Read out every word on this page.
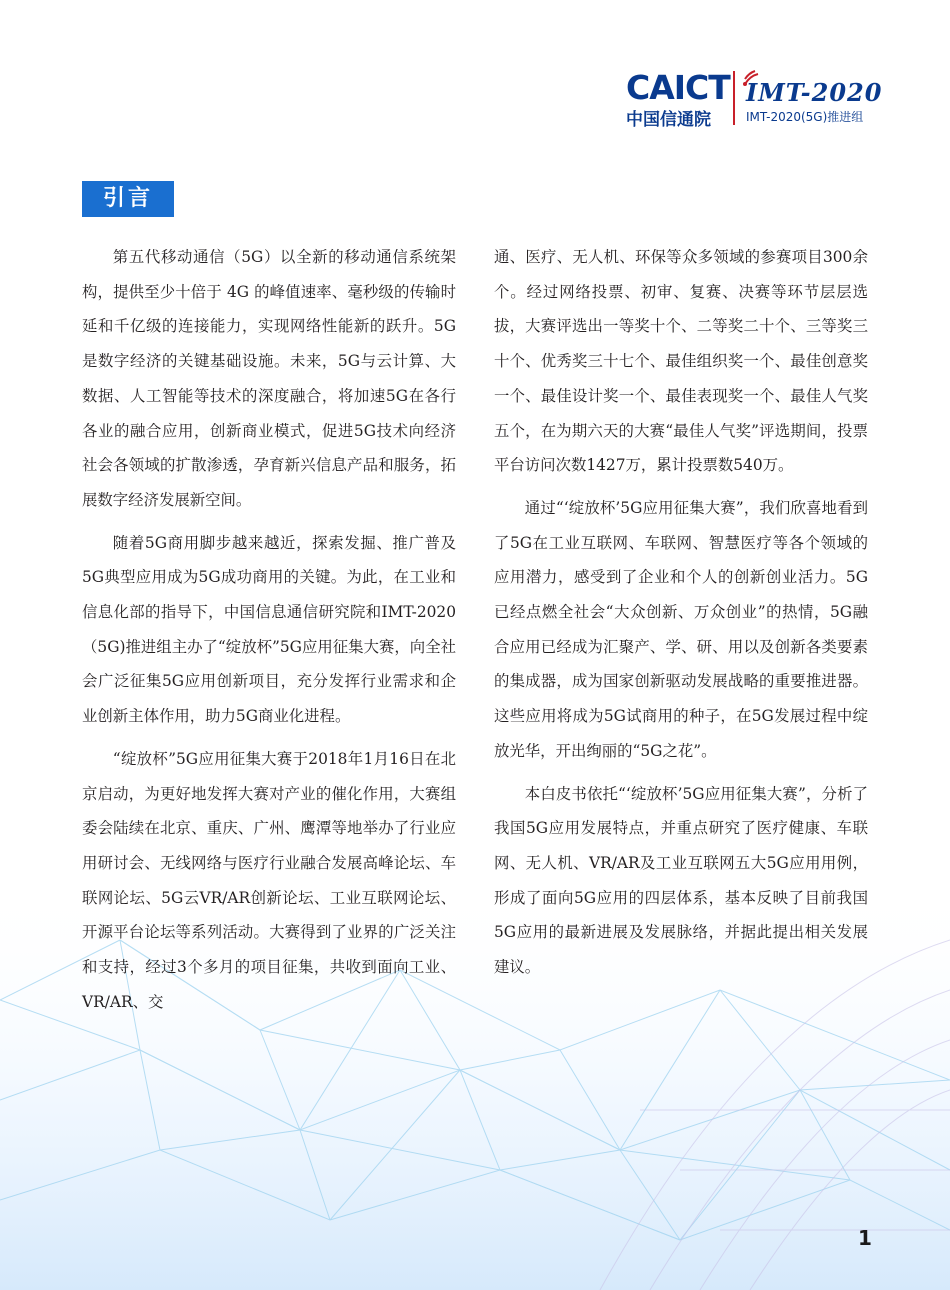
CAICT
中国信通院
IMT-2020
IMT-2020(5G)推进组
引言

第五代移动通信（5G）以全新的移动通信系统架构，提供至少十倍于 4G 的峰值速率、毫秒级的传输时延和千亿级的连接能力，实现网络性能新的跃升。5G是数字经济的关键基础设施。未来，5G与云计算、大数据、人工智能等技术的深度融合，将加速5G在各行各业的融合应用，创新商业模式，促进5G技术向经济社会各领域的扩散渗透，孕育新兴信息产品和服务，拓展数字经济发展新空间。

随着5G商用脚步越来越近，探索发掘、推广普及5G典型应用成为5G成功商用的关键。为此，在工业和信息化部的指导下，中国信息通信研究院和IMT-2020（5G)推进组主办了“绽放杯”5G应用征集大赛，向全社会广泛征集5G应用创新项目，充分发挥行业需求和企业创新主体作用，助力5G商业化进程。

“绽放杯”5G应用征集大赛于2018年1月16日在北京启动，为更好地发挥大赛对产业的催化作用，大赛组委会陆续在北京、重庆、广州、鹰潭等地举办了行业应用研讨会、无线网络与医疗行业融合发展高峰论坛、车联网论坛、5G云VR/AR创新论坛、工业互联网论坛、开源平台论坛等系列活动。大赛得到了业界的广泛关注和支持，经过3个多月的项目征集，共收到面向工业、VR/AR、交

通、医疗、无人机、环保等众多领域的参赛项目300余个。经过网络投票、初审、复赛、决赛等环节层层选拔，大赛评选出一等奖十个、二等奖二十个、三等奖三十个、优秀奖三十七个、最佳组织奖一个、最佳创意奖一个、最佳设计奖一个、最佳表现奖一个、最佳人气奖五个，在为期六天的大赛“最佳人气奖”评选期间，投票平台访问次数1427万，累计投票数540万。

通过“‘绽放杯’5G应用征集大赛”，我们欣喜地看到了5G在工业互联网、车联网、智慧医疗等各个领域的应用潜力，感受到了企业和个人的创新创业活力。5G已经点燃全社会“大众创新、万众创业”的热情，5G融合应用已经成为汇聚产、学、研、用以及创新各类要素的集成器，成为国家创新驱动发展战略的重要推进器。这些应用将成为5G试商用的种子，在5G发展过程中绽放光华，开出绚丽的“5G之花”。

本白皮书依托“‘绽放杯’5G应用征集大赛”，分析了我国5G应用发展特点，并重点研究了医疗健康、车联网、无人机、VR/AR及工业互联网五大5G应用用例，形成了面向5G应用的四层体系，基本反映了目前我国5G应用的最新进展及发展脉络，并据此提出相关发展建议。

1
